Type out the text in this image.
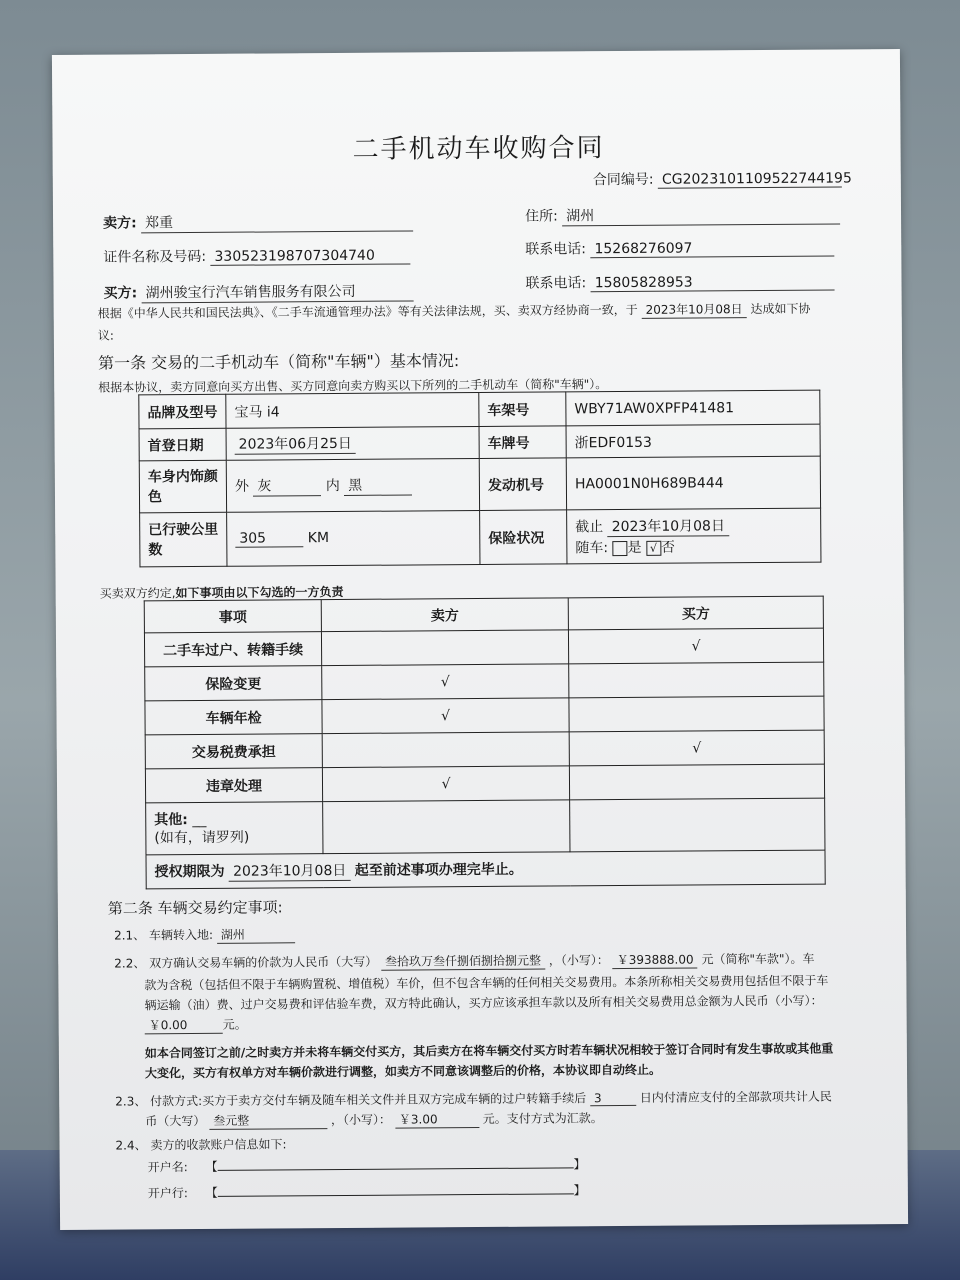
二手机动车收购合同
合同编号: CG20231011095227441​95
卖方: 郑重	住所: 湖州
证件名称及号码: 330523198707304740	联系电话: 15268276097
买方: 湖州骏宝行汽车销售服务有限公司
联系电话: 15805828953
根据《中华人民共和国民法典》、《二手车流通管理办法》等有关法律法规，买、卖双方经协商一致，于 2023年10月08日 达成如下协
议:
第一条 交易的二手机动车（简称"车辆"）基本情况:
根据本协议，卖方同意向买方出售、买方同意向卖方购买以下所列的二手机动车（简称"车辆"）。
品牌及型号	宝马 i4	车架号	WBY71AW0XPFP41481
首登日期	2023年06月25日	车牌号	浙EDF0153
车身内饰颜色	外 灰 内 黑	发动机号	HA0001N0H689B444
已行驶公里数	305 KM	保险状况	截止 2023年10月08日
随车: 是 √ 否
买卖双方约定,如下事项由以下勾选的一方负责
事项	卖方	买方
二手车过户、转籍手续		√
保险变更	√	
车辆年检	√	
交易税费承担		√
违章处理	√	

其他: __
(如有，请罗列)		

授权期限为 2023年10月08日 起至前述事项办理完毕止。		
第二条 车辆交易约定事项:
2.1、 车辆转入地: 湖州
2.2、 双方确认交易车辆的价款为人民币（大写） 叁拾玖万叁仟捌佰捌拾捌元整 ，（小写）： ￥393888.00 元（简称"车款"）。车
款为含税（包括但不限于车辆购置税、增值税）车价，但不包含车辆的任何相关交易费用。本条所称相关交易费用包括但不限于车
辆运输（油）费、过户交易费和评估验车费，双方特此确认，买方应该承担车款以及所有相关交易费用总金额为人民币（小写）：
￥0.00	元。
如本合同签订之前/之时卖方并未将车辆交付买方，其后卖方在将车辆交付买方时若车辆状况相较于签订合同时有发生事故或其他重
大变化，买方有权单方对车辆价款进行调整，如卖方不同意该调整后的价格，本协议即自动终止。
2.3、 付款方式:买方于卖方交付车辆及随车相关文件并且双方完成车辆的过户转籍手续后 3	日内付清应支付的全部款项共计人民
币（大写） 叁元整	，（小写）： ￥3.00	元。支付方式为汇款。
2.4、 卖方的收款账户信息如下:
开户名: 【	】
开户行: 【	】
